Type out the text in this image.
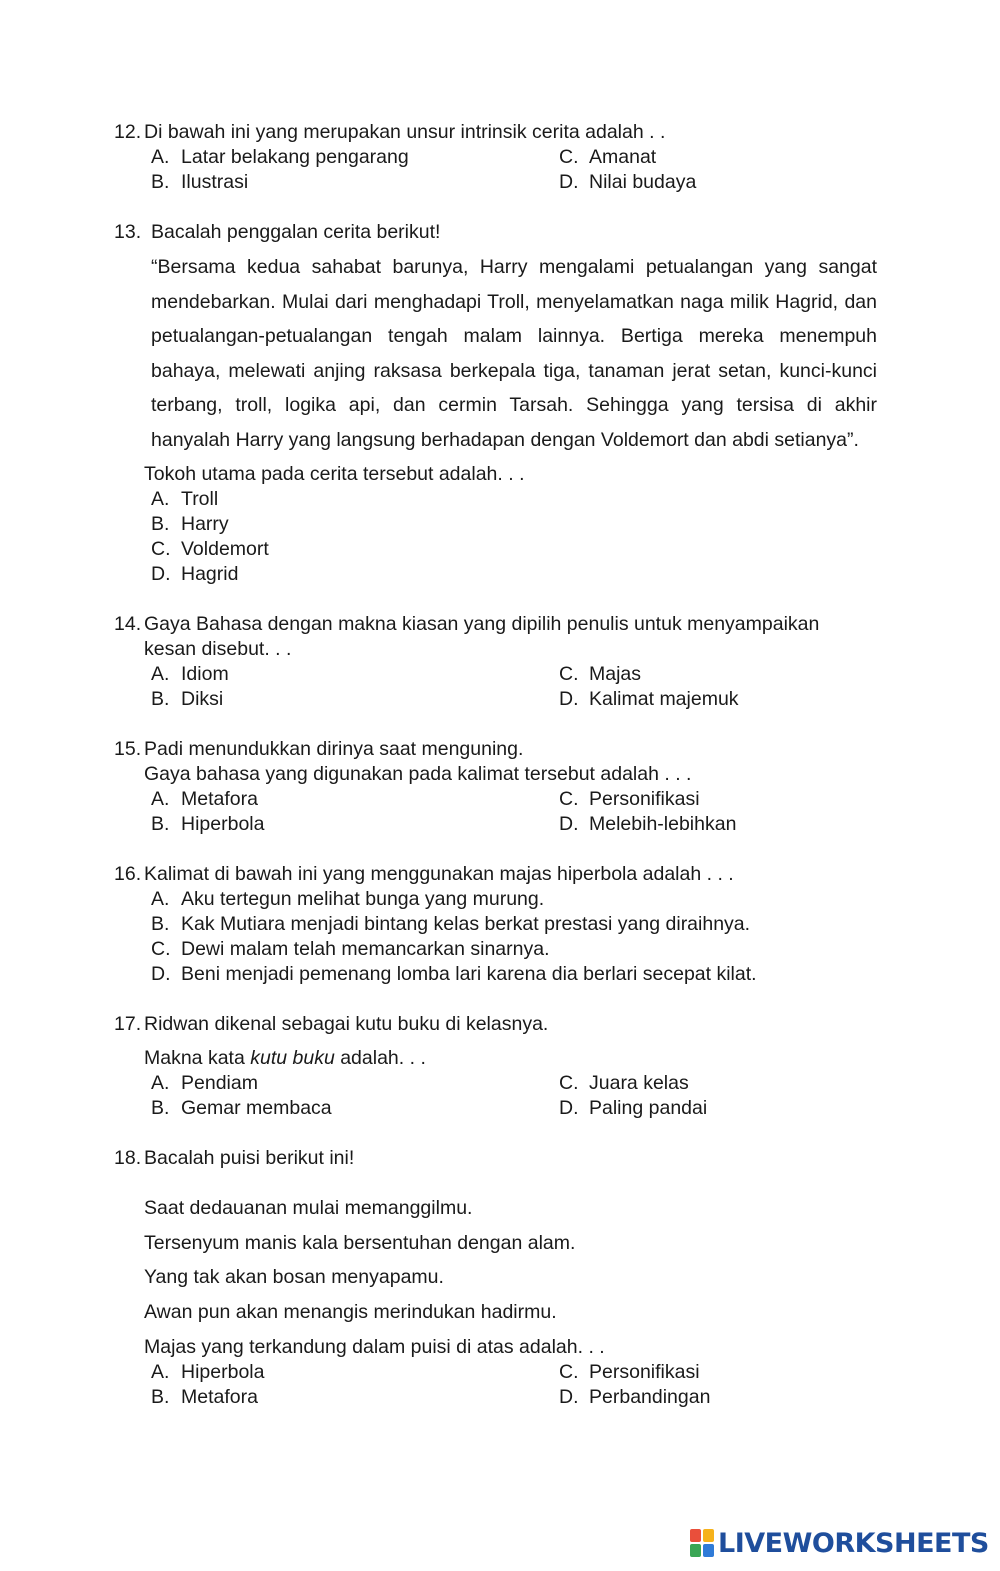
12. Di bawah ini yang merupakan unsur intrinsik cerita adalah . .
A. Latar belakang pengarang
B. Ilustrasi
C. Amanat
D. Nilai budaya
13. Bacalah penggalan cerita berikut!
“Bersama kedua sahabat barunya, Harry mengalami petualangan yang sangat mendebarkan. Mulai dari menghadapi Troll, menyelamatkan naga milik Hagrid, dan petualangan-petualangan tengah malam lainnya. Bertiga mereka menempuh bahaya, melewati anjing raksasa berkepala tiga, tanaman jerat setan, kunci-kunci terbang, troll, logika api, dan cermin Tarsah. Sehingga yang tersisa di akhir hanyalah Harry yang langsung berhadapan dengan Voldemort dan abdi setianya”.
Tokoh utama pada cerita tersebut adalah. . .
A. Troll
B. Harry
C. Voldemort
D. Hagrid
14. Gaya Bahasa dengan makna kiasan yang dipilih penulis untuk menyampaikan
kesan disebut. . .
A. Idiom
B. Diksi
C. Majas
D. Kalimat majemuk
15. Padi menundukkan dirinya saat menguning.
Gaya bahasa yang digunakan pada kalimat tersebut adalah . . .
A. Metafora
B. Hiperbola
C. Personifikasi
D. Melebih-lebihkan
16. Kalimat di bawah ini yang menggunakan majas hiperbola adalah . . .
A. Aku tertegun melihat bunga yang murung.
B. Kak Mutiara menjadi bintang kelas berkat prestasi yang diraihnya.
C. Dewi malam telah memancarkan sinarnya.
D. Beni menjadi pemenang lomba lari karena dia berlari secepat kilat.
17. Ridwan dikenal sebagai kutu buku di kelasnya.
Makna kata kutu buku adalah. . .
A. Pendiam
B. Gemar membaca
C. Juara kelas
D. Paling pandai
18. Bacalah puisi berikut ini!
Saat dedauanan mulai memanggilmu.
Tersenyum manis kala bersentuhan dengan alam.
Yang tak akan bosan menyapamu.
Awan pun akan menangis merindukan hadirmu.
Majas yang terkandung dalam puisi di atas adalah. . .
A. Hiperbola
B. Metafora
C. Personifikasi
D. Perbandingan
LIVEWORKSHEETS
